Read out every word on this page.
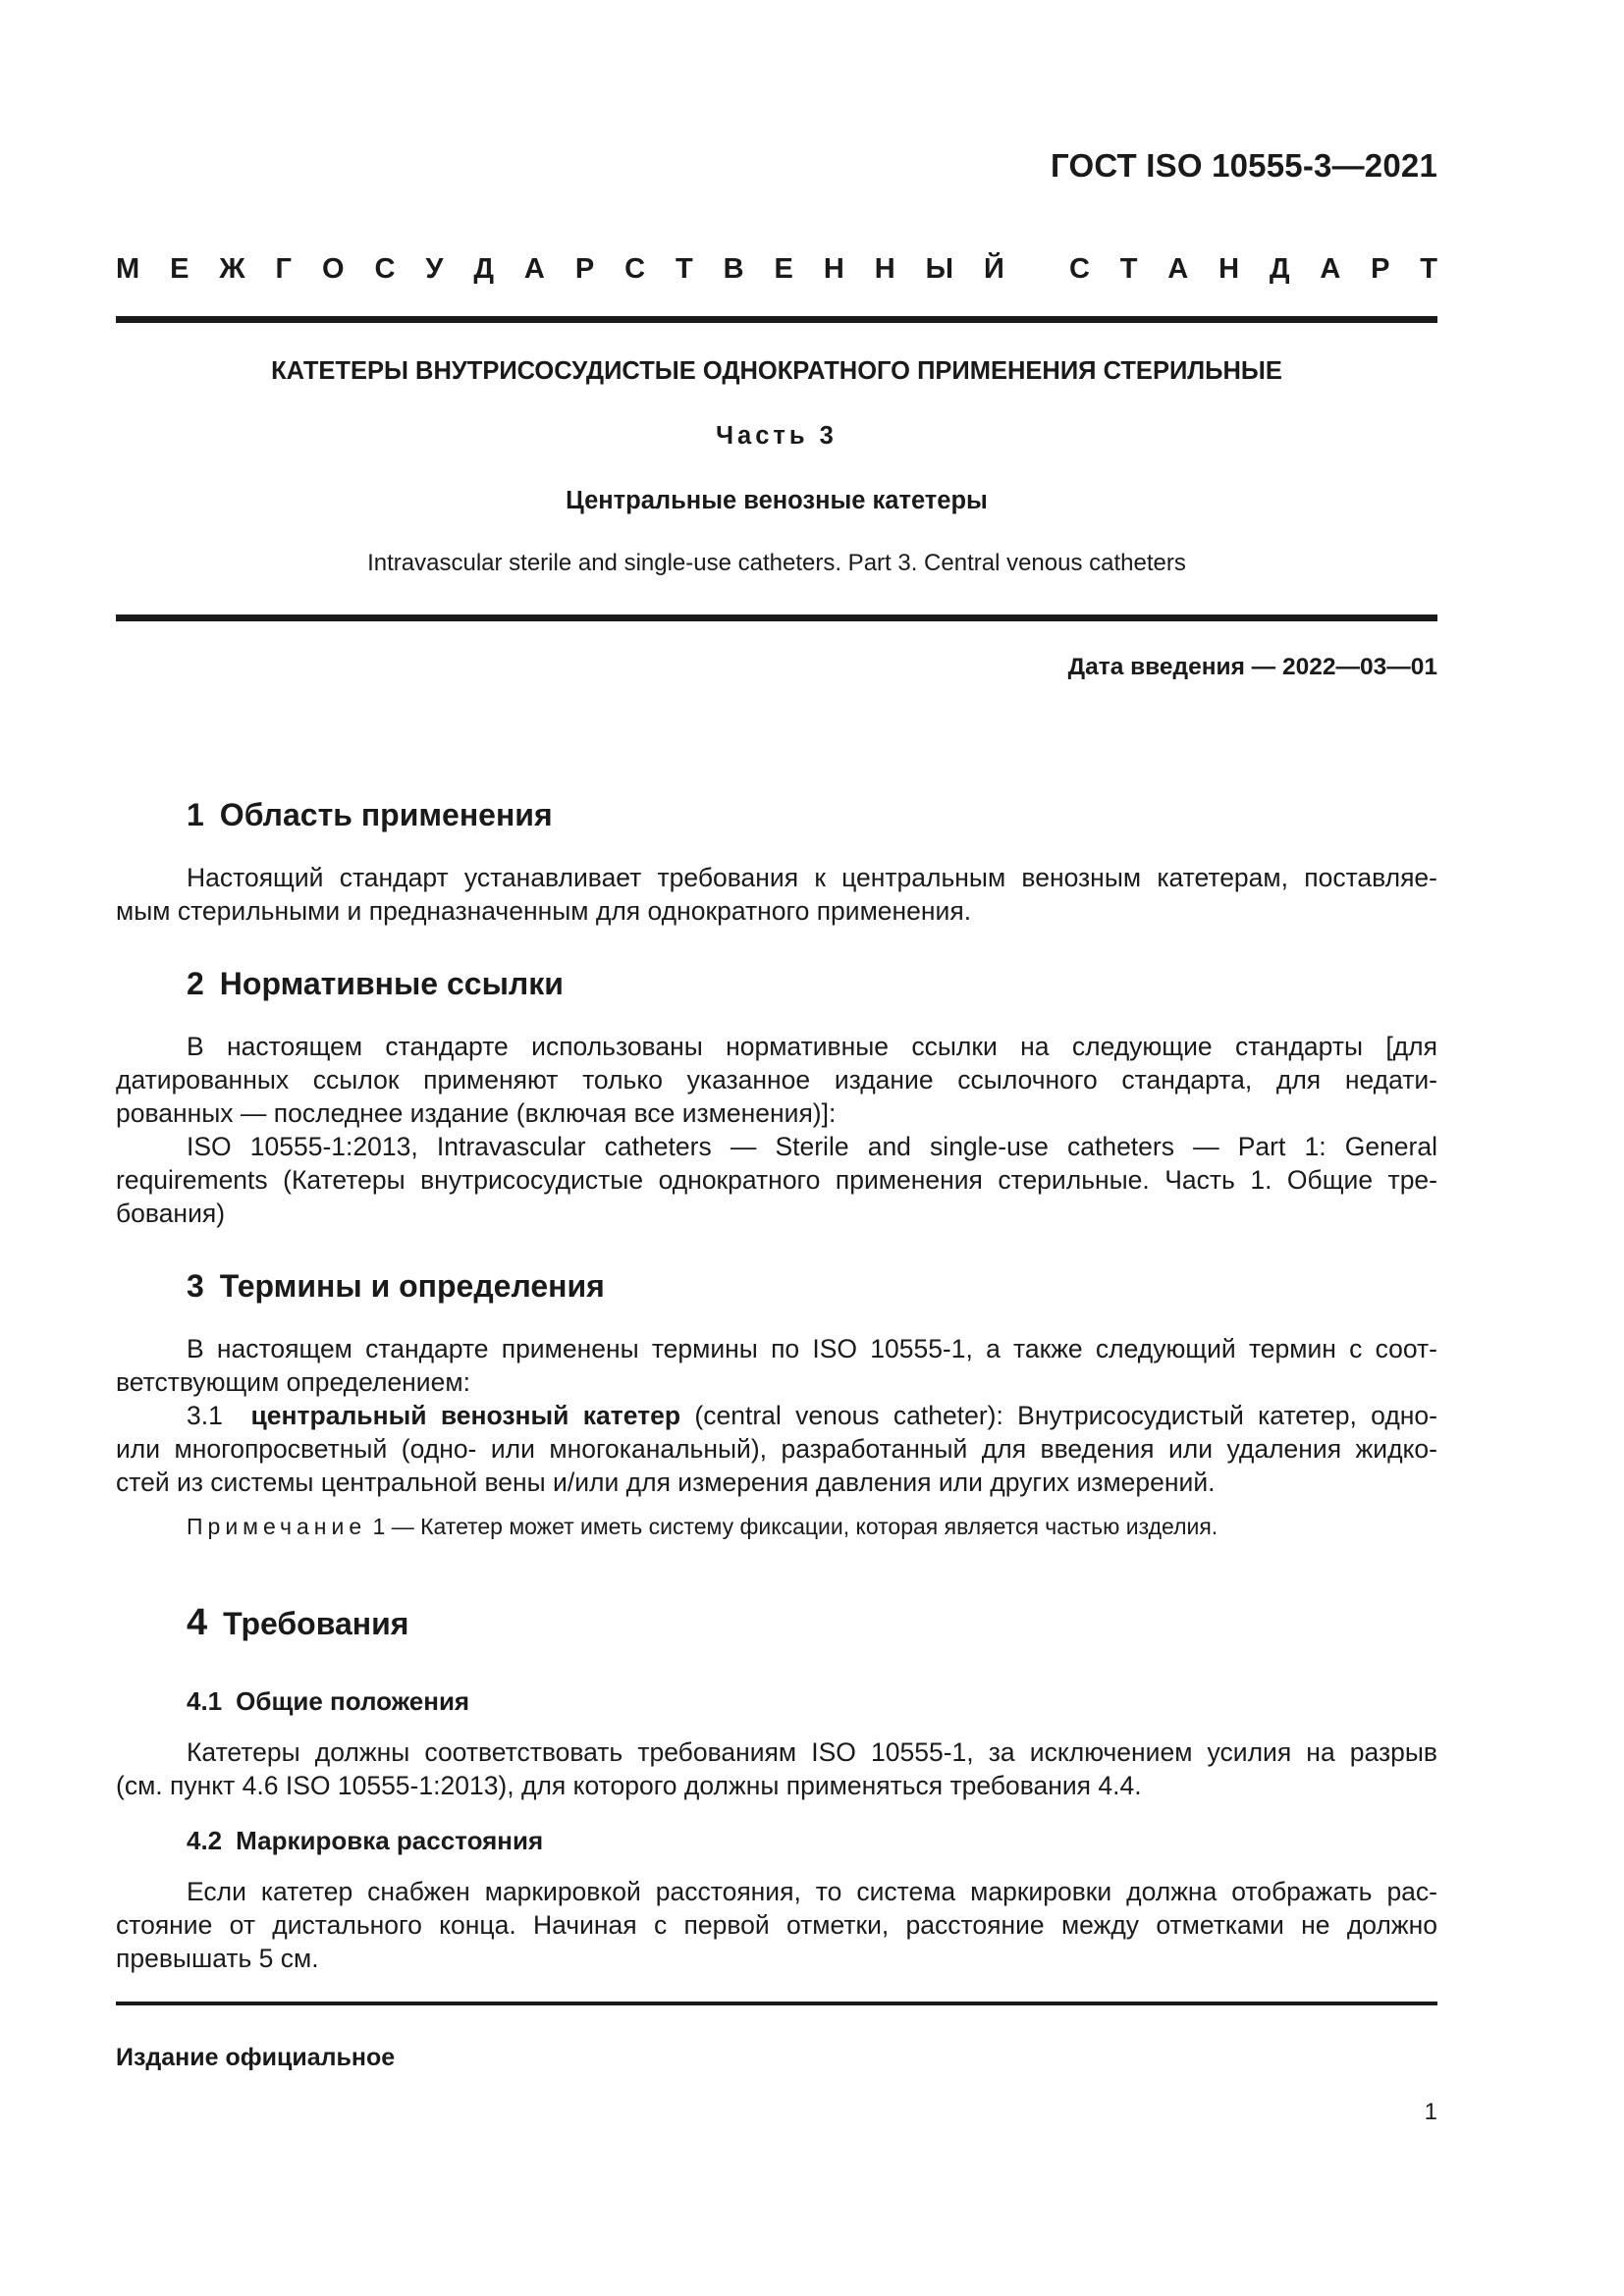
ГОСТ ISO 10555-3—2021
М Е Ж Г О С У Д А Р С Т В Е Н Н Ы Й С Т А Н Д А Р Т
КАТЕТЕРЫ ВНУТРИСОСУДИСТЫЕ ОДНОКРАТНОГО ПРИМЕНЕНИЯ СТЕРИЛЬНЫЕ
Часть 3
Центральные венозные катетеры
Intravascular sterile and single-use catheters. Part 3. Central venous catheters
Дата введения — 2022—03—01
1 Область применения
Настоящий стандарт устанавливает требования к центральным венозным катетерам, поставляе-
мым стерильными и предназначенным для однократного применения.
2 Нормативные ссылки
В настоящем стандарте использованы нормативные ссылки на следующие стандарты [для
датированных ссылок применяют только указанное издание ссылочного стандарта, для недати-
рованных — последнее издание (включая все изменения)]:
ISO 10555-1:2013, Intravascular catheters — Sterile and single-use catheters — Part 1: General
requirements (Катетеры внутрисосудистые однократного применения стерильные. Часть 1. Общие тре-
бования)
3 Термины и определения
В настоящем стандарте применены термины по ISO 10555-1, а также следующий термин с соот-
ветствующим определением:
3.1 центральный венозный катетер (central venous catheter): Внутрисосудистый катетер, одно-
или многопросветный (одно- или многоканальный), разработанный для введения или удаления жидко-
стей из системы центральной вены и/или для измерения давления или других измерений.
Примечание 1 — Катетер может иметь систему фиксации, которая является частью изделия.
4 Требования
4.1 Общие положения
Катетеры должны соответствовать требованиям ISO 10555-1, за исключением усилия на разрыв
(см. пункт 4.6 ISO 10555-1:2013), для которого должны применяться требования 4.4.
4.2 Маркировка расстояния
Если катетер снабжен маркировкой расстояния, то система маркировки должна отображать рас-
стояние от дистального конца. Начиная с первой отметки, расстояние между отметками не должно
превышать 5 см.
Издание официальное
1
